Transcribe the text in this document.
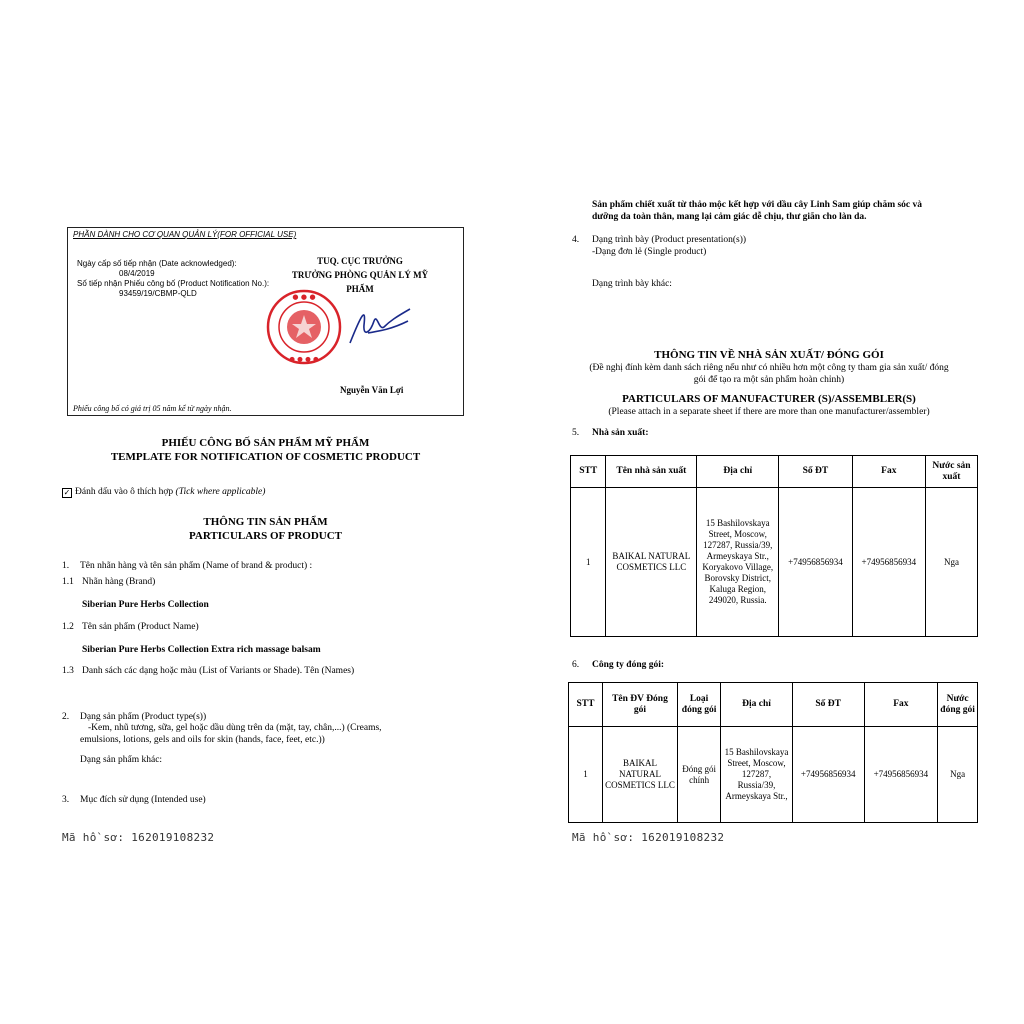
PHẦN DÀNH CHO CƠ QUAN QUẢN LÝ(FOR OFFICIAL USE)
Ngày cấp số tiếp nhận (Date acknowledged):
08/4/2019
Số tiếp nhận Phiếu công bố (Product Notification No.):
93459/19/CBMP-QLD
TUQ. CỤC TRƯỞNG
TRƯỞNG PHÒNG QUẢN LÝ MỸ PHẨM
● ● ●
● ● ● ●
Nguyễn Văn Lợi
Phiếu công bố có giá trị 05 năm kể từ ngày nhận.
PHIẾU CÔNG BỐ SẢN PHẨM MỸ PHẨM
TEMPLATE FOR NOTIFICATION OF COSMETIC PRODUCT
✓ Đánh dấu vào ô thích hợp (Tick where applicable)
THÔNG TIN SẢN PHẨM
PARTICULARS OF PRODUCT
1. Tên nhãn hàng và tên sản phẩm (Name of brand & product) :
1.1 Nhãn hàng (Brand)
Siberian Pure Herbs Collection
1.2 Tên sản phẩm (Product Name)
Siberian Pure Herbs Collection Extra rich massage balsam
1.3 Danh sách các dạng hoặc màu (List of Variants or Shade). Tên (Names)
2. Dạng sản phẩm (Product type(s))
-Kem, nhũ tương, sữa, gel hoặc dầu dùng trên da (mặt, tay, chân,...) (Creams,
emulsions, lotions, gels and oils for skin (hands, face, feet, etc.))
Dạng sản phẩm khác:
3. Mục đích sử dụng (Intended use)
Mã hồ sơ: 162019108232
Sản phẩm chiết xuất từ thảo mộc kết hợp với dầu cây Linh Sam giúp chăm sóc và
dưỡng da toàn thân, mang lại cảm giác dễ chịu, thư giãn cho làn da.
4. Dạng trình bày (Product presentation(s))
-Dạng đơn lẻ (Single product)
Dạng trình bày khác:
THÔNG TIN VỀ NHÀ SẢN XUẤT/ ĐÓNG GÓI
(Đề nghị đính kèm danh sách riêng nếu như có nhiều hơn một công ty tham gia sản xuất/ đóng
gói để tạo ra một sản phẩm hoàn chỉnh)
PARTICULARS OF MANUFACTURER (S)/ASSEMBLER(S)
(Please attach in a separate sheet if there are more than one manufacturer/assembler)
5. Nhà sản xuất:
STT	Tên nhà sản xuất	Địa chỉ	Số ĐT	Fax	Nước sản xuất
1	BAIKAL NATURAL COSMETICS LLC	15 Bashilovskaya Street, Moscow, 127287, Russia/39, Armeyskaya Str., Koryakovo Village, Borovsky District, Kaluga Region, 249020, Russia.	+74956856934	+74956856934	Nga
6. Công ty đóng gói:
STT	Tên ĐV Đóng gói	Loại đóng gói	Địa chỉ	Số ĐT	Fax	Nước đóng gói
1	BAIKAL NATURAL COSMETICS LLC	Đóng gói chính	15 Bashilovskaya Street, Moscow, 127287, Russia/39, Armeyskaya Str.,	+74956856934	+74956856934	Nga
Mã hồ sơ: 162019108232
